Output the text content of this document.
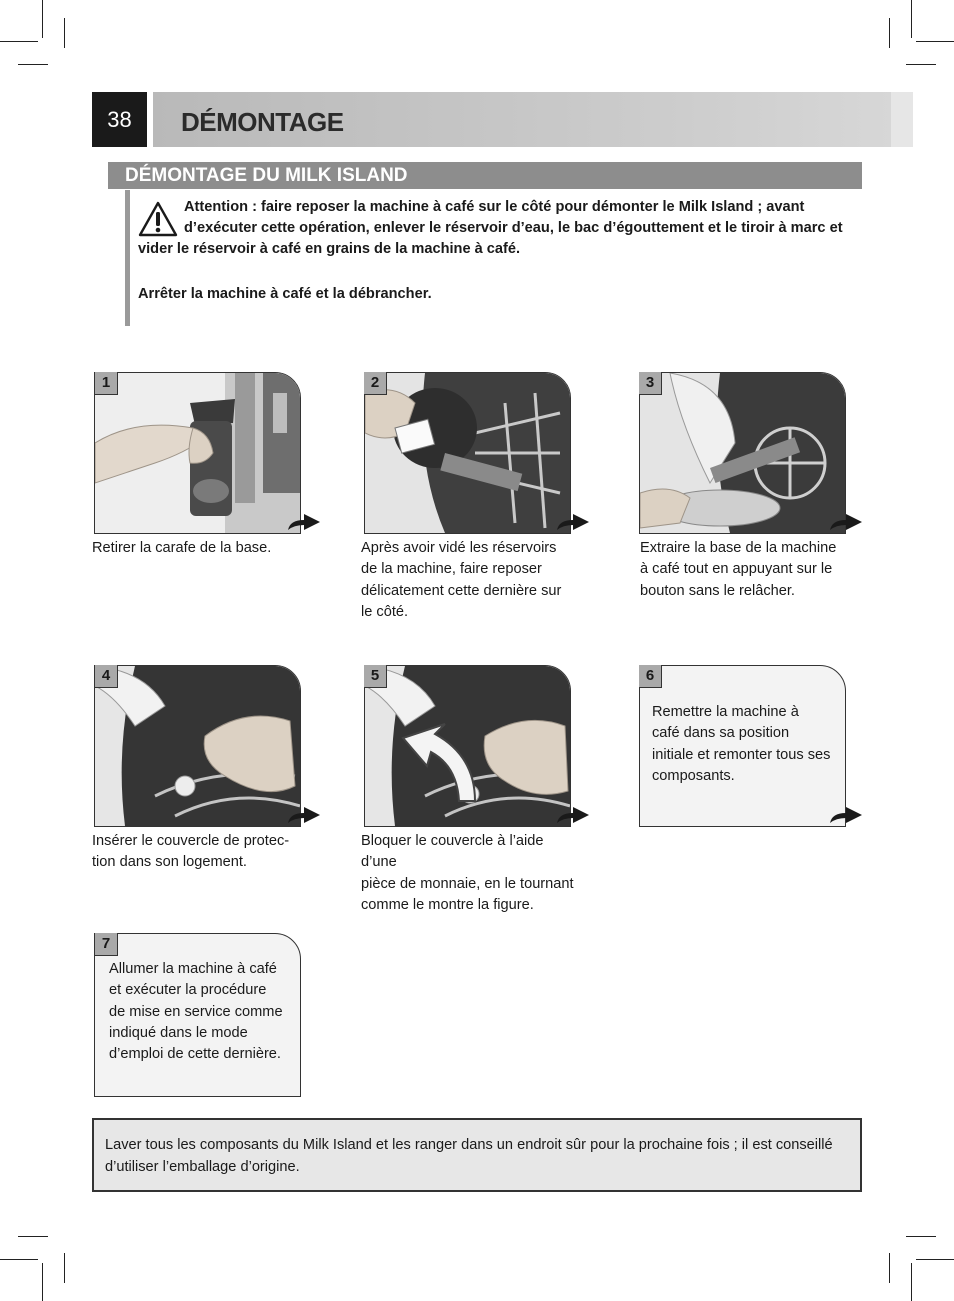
38	DÉMONTAGE
DÉMONTAGE DU MILK ISLAND
Attention : faire reposer la machine à café sur le côté pour démonter le Milk Island ; avant
d’exécuter cette opération, enlever le réservoir d’eau, le bac d’égouttement et le tiroir à marc et
vider le réservoir à café en grains de la machine à café.
Arrêter la machine à café et la débrancher.
1
Retirer la carafe de la base.
2
Après avoir vidé les réservoirs
de la machine, faire reposer
délicatement cette dernière sur
le côté.
3
Extraire la base de la machine
à café tout en appuyant sur le
bouton sans le relâcher.
4
Insérer le couvercle de protec-
tion dans son logement.
5
Bloquer le couvercle à l’aide d’une
pièce de monnaie, en le tournant
comme le montre la figure.
6
Remettre la machine à
café dans sa position
initiale et remonter tous ses
composants.
7
Allumer la machine à café
et exécuter la procédure
de mise en service comme
indiqué dans le mode
d’emploi de cette dernière.
Laver tous les composants du Milk Island et les ranger dans un endroit sûr pour la prochaine fois ; il est conseillé
d’utiliser l’emballage d’origine.
